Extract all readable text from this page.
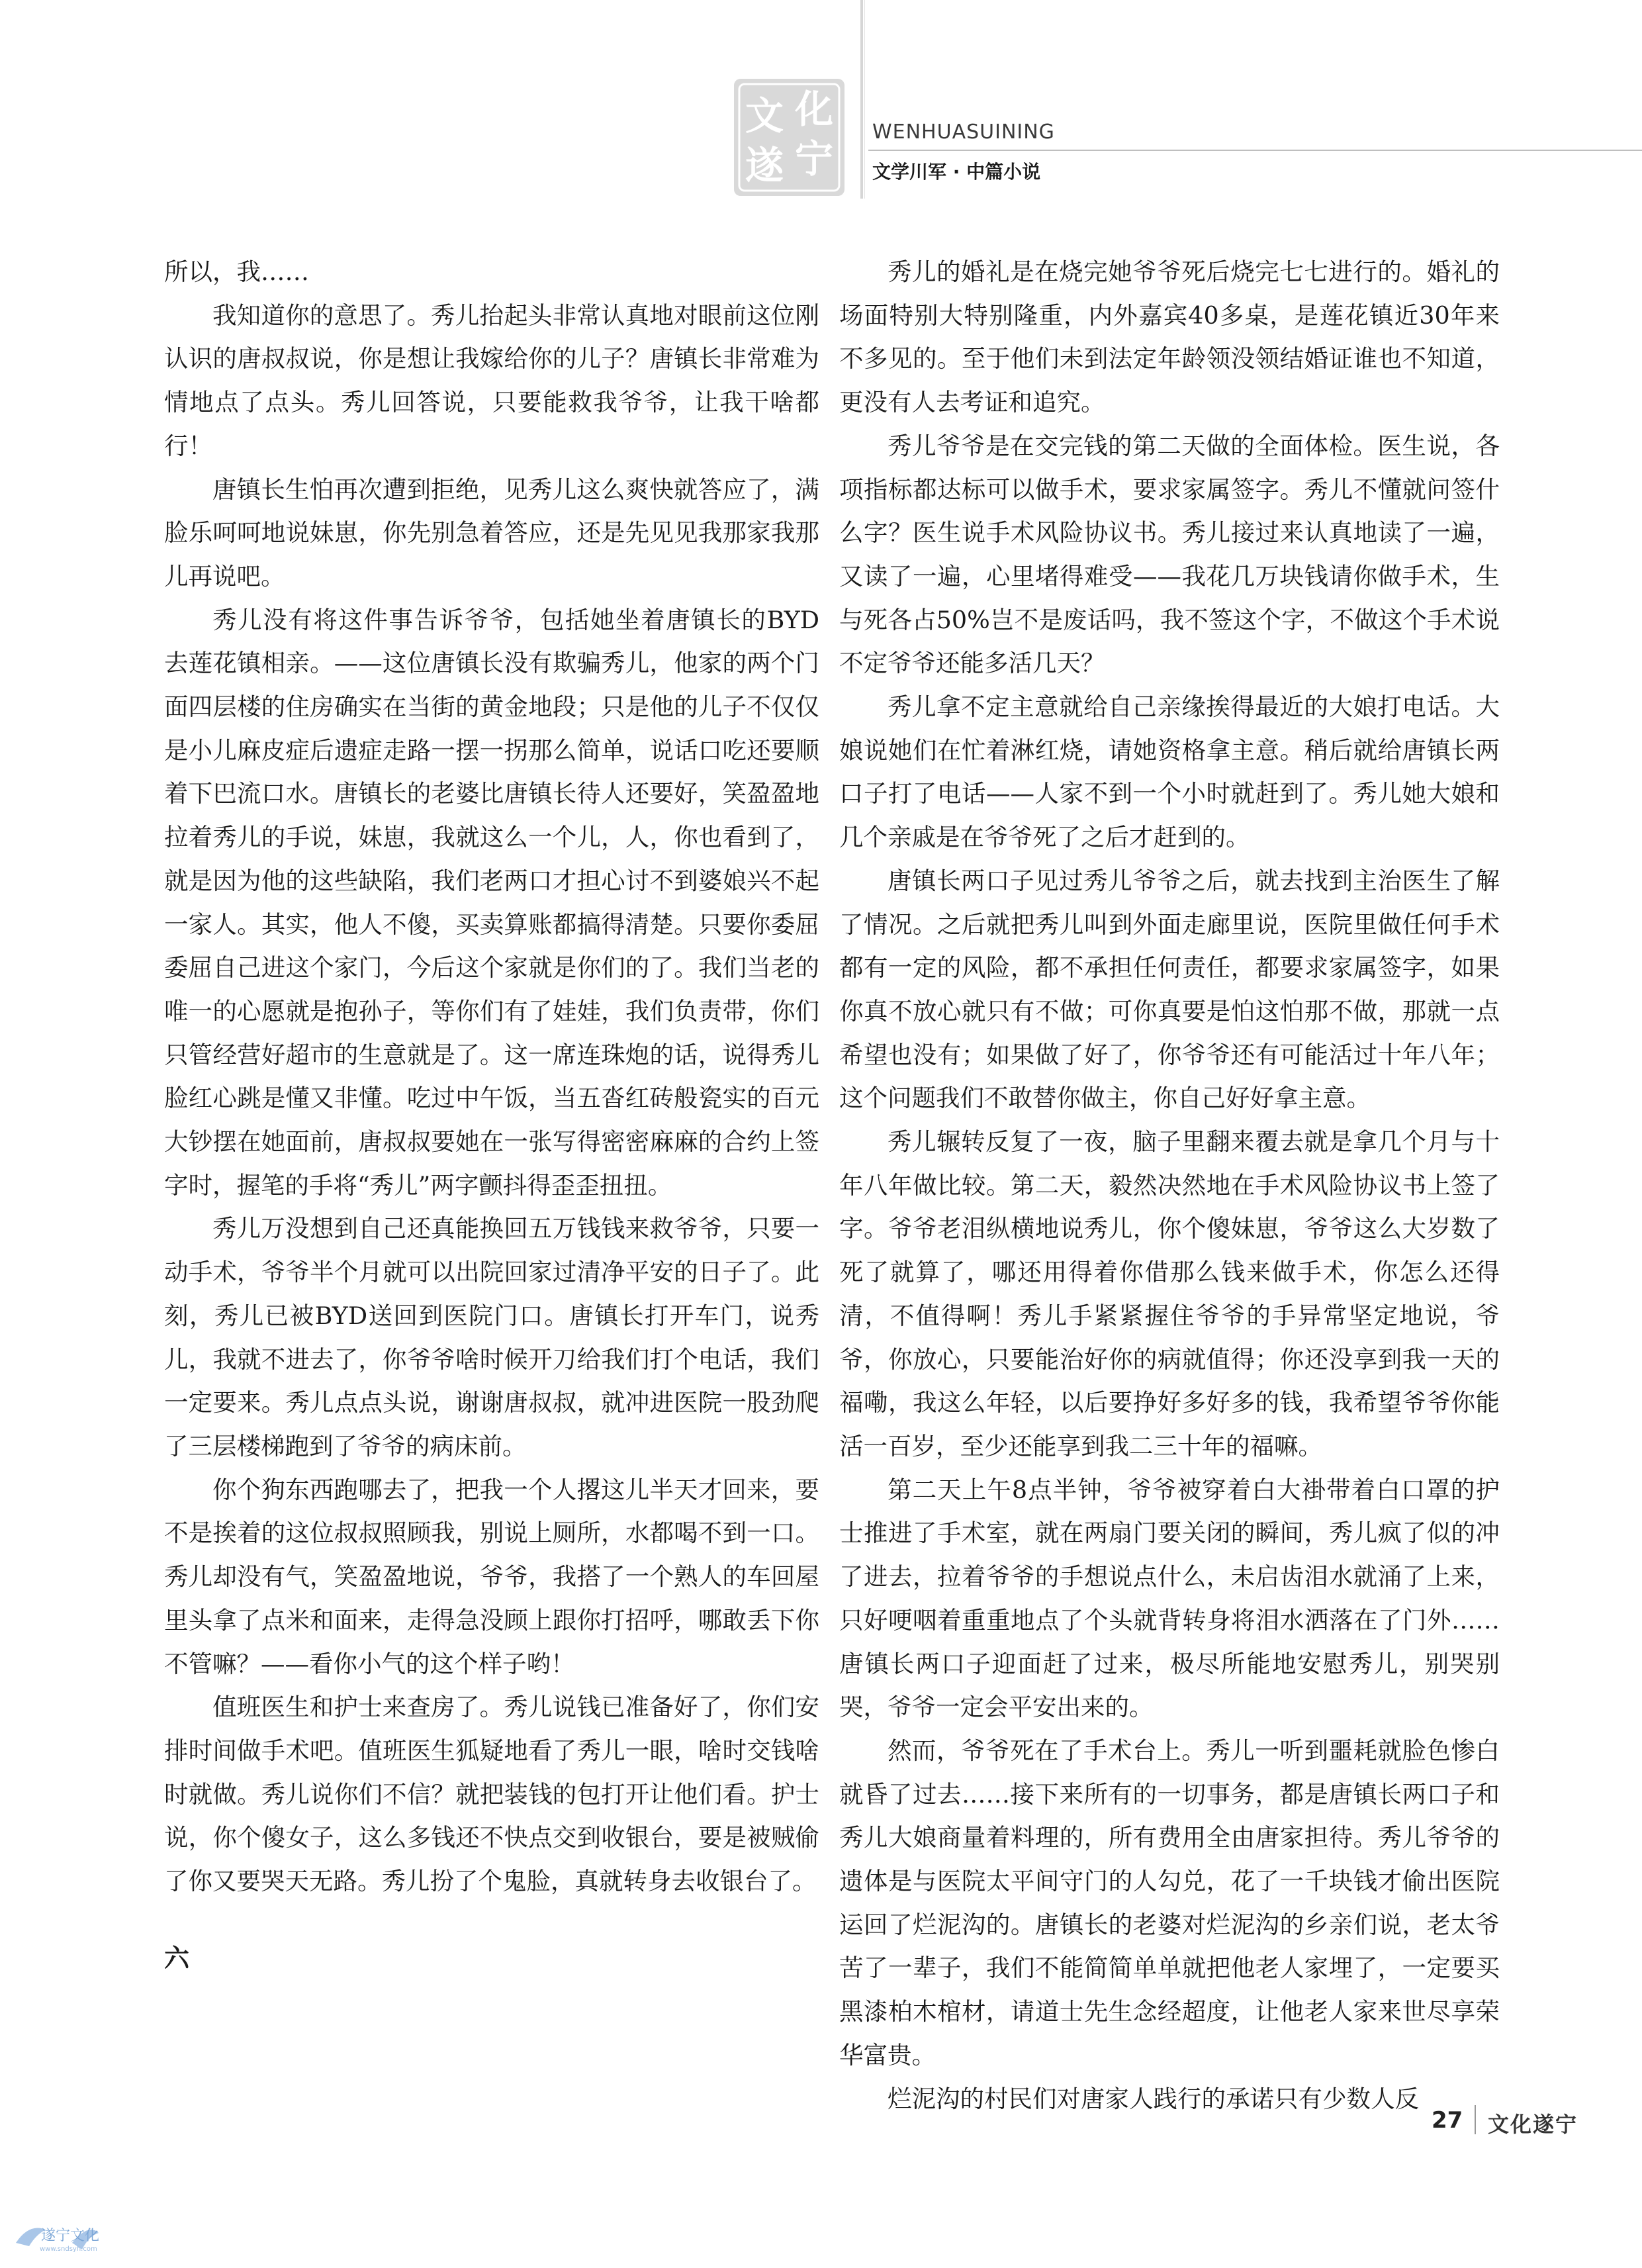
文 化
遂 宁
WENHUASUINING
文学川军 · 中篇小说

所以，我……

我知道你的意思了。秀儿抬起头非常认真地对眼前这位刚认识的唐叔叔说，你是想让我嫁给你的儿子？唐镇长非常难为情地点了点头。秀儿回答说，只要能救我爷爷，让我干啥都行！

唐镇长生怕再次遭到拒绝，见秀儿这么爽快就答应了，满脸乐呵呵地说妹崽，你先别急着答应，还是先见见我那家我那儿再说吧。

秀儿没有将这件事告诉爷爷，包括她坐着唐镇长的BYD去莲花镇相亲。——这位唐镇长没有欺骗秀儿，他家的两个门面四层楼的住房确实在当街的黄金地段；只是他的儿子不仅仅是小儿麻皮症后遗症走路一摆一拐那么简单，说话口吃还要顺着下巴流口水。唐镇长的老婆比唐镇长待人还要好，笑盈盈地拉着秀儿的手说，妹崽，我就这么一个儿，人，你也看到了，就是因为他的这些缺陷，我们老两口才担心讨不到婆娘兴不起一家人。其实，他人不傻，买卖算账都搞得清楚。只要你委屈委屈自己进这个家门，今后这个家就是你们的了。我们当老的唯一的心愿就是抱孙子，等你们有了娃娃，我们负责带，你们只管经营好超市的生意就是了。这一席连珠炮的话，说得秀儿脸红心跳是懂又非懂。吃过中午饭，当五沓红砖般瓷实的百元大钞摆在她面前，唐叔叔要她在一张写得密密麻麻的合约上签字时，握笔的手将“秀儿”两字颤抖得歪歪扭扭。

秀儿万没想到自己还真能换回五万钱钱来救爷爷，只要一动手术，爷爷半个月就可以出院回家过清净平安的日子了。此刻，秀儿已被BYD送回到医院门口。唐镇长打开车门，说秀儿，我就不进去了，你爷爷啥时候开刀给我们打个电话，我们一定要来。秀儿点点头说，谢谢唐叔叔，就冲进医院一股劲爬了三层楼梯跑到了爷爷的病床前。

你个狗东西跑哪去了，把我一个人撂这儿半天才回来，要不是挨着的这位叔叔照顾我，别说上厕所，水都喝不到一口。秀儿却没有气，笑盈盈地说，爷爷，我搭了一个熟人的车回屋里头拿了点米和面来，走得急没顾上跟你打招呼，哪敢丢下你不管嘛？——看你小气的这个样子哟！

值班医生和护士来查房了。秀儿说钱已准备好了，你们安排时间做手术吧。值班医生狐疑地看了秀儿一眼，啥时交钱啥时就做。秀儿说你们不信？就把装钱的包打开让他们看。护士说，你个傻女子，这么多钱还不快点交到收银台，要是被贼偷了你又要哭天无路。秀儿扮了个鬼脸，真就转身去收银台了。

六

秀儿的婚礼是在烧完她爷爷死后烧完七七进行的。婚礼的场面特别大特别隆重，内外嘉宾40多桌，是莲花镇近30年来不多见的。至于他们未到法定年龄领没领结婚证谁也不知道，更没有人去考证和追究。

秀儿爷爷是在交完钱的第二天做的全面体检。医生说，各项指标都达标可以做手术，要求家属签字。秀儿不懂就问签什么字？医生说手术风险协议书。秀儿接过来认真地读了一遍，又读了一遍，心里堵得难受——我花几万块钱请你做手术，生与死各占50%岂不是废话吗，我不签这个字，不做这个手术说不定爷爷还能多活几天？

秀儿拿不定主意就给自己亲缘挨得最近的大娘打电话。大娘说她们在忙着淋红烧，请她资格拿主意。稍后就给唐镇长两口子打了电话——人家不到一个小时就赶到了。秀儿她大娘和几个亲戚是在爷爷死了之后才赶到的。

唐镇长两口子见过秀儿爷爷之后，就去找到主治医生了解了情况。之后就把秀儿叫到外面走廊里说，医院里做任何手术都有一定的风险，都不承担任何责任，都要求家属签字，如果你真不放心就只有不做；可你真要是怕这怕那不做，那就一点希望也没有；如果做了好了，你爷爷还有可能活过十年八年；这个问题我们不敢替你做主，你自己好好拿主意。

秀儿辗转反复了一夜，脑子里翻来覆去就是拿几个月与十年八年做比较。第二天，毅然决然地在手术风险协议书上签了字。爷爷老泪纵横地说秀儿，你个傻妹崽，爷爷这么大岁数了死了就算了，哪还用得着你借那么钱来做手术，你怎么还得清，不值得啊！秀儿手紧紧握住爷爷的手异常坚定地说，爷爷，你放心，只要能治好你的病就值得；你还没享到我一天的福嘞，我这么年轻，以后要挣好多好多的钱，我希望爷爷你能活一百岁，至少还能享到我二三十年的福嘛。

第二天上午8点半钟，爷爷被穿着白大褂带着白口罩的护士推进了手术室，就在两扇门要关闭的瞬间，秀儿疯了似的冲了进去，拉着爷爷的手想说点什么，未启齿泪水就涌了上来，只好哽咽着重重地点了个头就背转身将泪水洒落在了门外……唐镇长两口子迎面赶了过来，极尽所能地安慰秀儿，别哭别哭，爷爷一定会平安出来的。

然而，爷爷死在了手术台上。秀儿一听到噩耗就脸色惨白就昏了过去……接下来所有的一切事务，都是唐镇长两口子和秀儿大娘商量着料理的，所有费用全由唐家担待。秀儿爷爷的遗体是与医院太平间守门的人勾兑，花了一千块钱才偷出医院运回了烂泥沟的。唐镇长的老婆对烂泥沟的乡亲们说，老太爷苦了一辈子，我们不能简简单单就把他老人家埋了，一定要买黑漆柏木棺材，请道士先生念经超度，让他老人家来世尽享荣华富贵。

烂泥沟的村民们对唐家人践行的承诺只有少数人反

27 文化遂宁
遂宁文化
www.sndsyh.com
